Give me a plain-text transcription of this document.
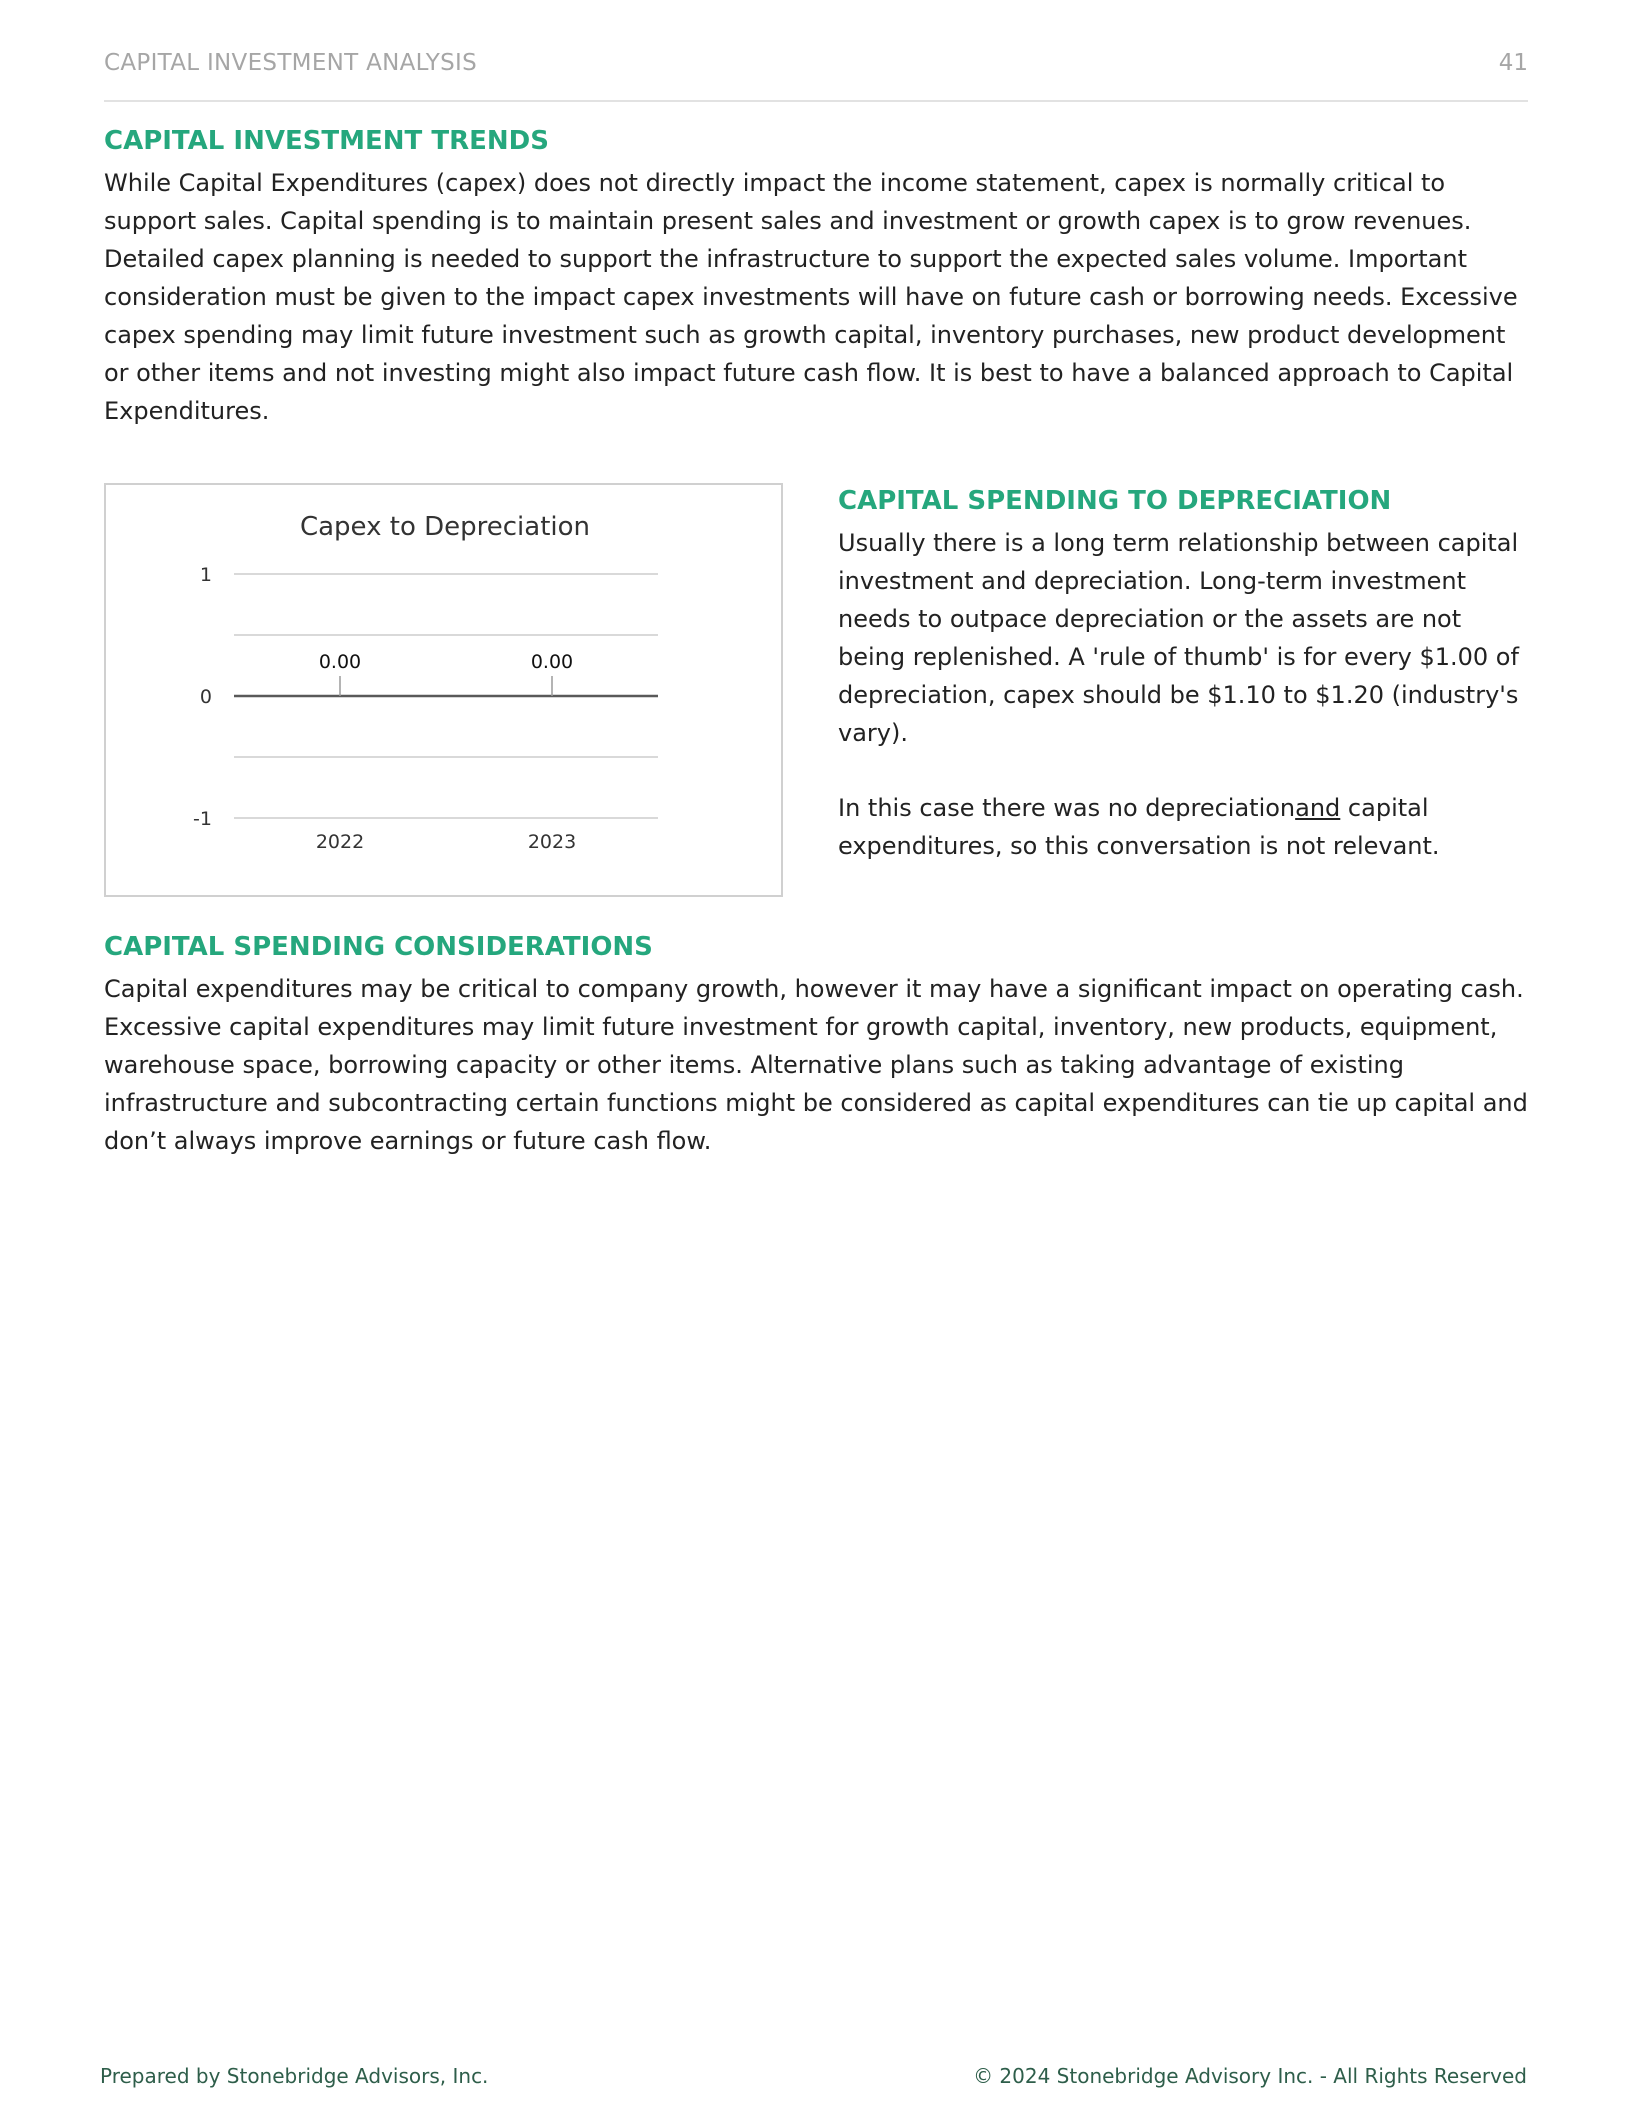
CAPITAL INVESTMENT ANALYSIS	41
CAPITAL INVESTMENT TRENDS

While Capital Expenditures (capex) does not directly impact the income statement, capex is normally critical to support sales. Capital spending is to maintain present sales and investment or growth capex is to grow revenues. Detailed capex planning is needed to support the infrastructure to support the expected sales volume. Important consideration must be given to the impact capex investments will have on future cash or borrowing needs. Excessive capex spending may limit future investment such as growth capital, inventory purchases, new product development or other items and not investing might also impact future cash flow. It is best to have a balanced approach to Capital Expenditures.

Capex to Depreciation
1
0
-1
0.00
2022
0.00
2023
CAPITAL SPENDING TO DEPRECIATION

Usually there is a long term relationship between capital investment and depreciation. Long-term investment needs to outpace depreciation or the assets are not being replenished. A 'rule of thumb' is for every $1.00 of depreciation, capex should be $1.10 to $1.20 (industry's vary).

In this case there was no depreciationand capital expenditures, so this conversation is not relevant.

CAPITAL SPENDING CONSIDERATIONS

Capital expenditures may be critical to company growth, however it may have a significant impact on operating cash. Excessive capital expenditures may limit future investment for growth capital, inventory, new products, equipment, warehouse space, borrowing capacity or other items. Alternative plans such as taking advantage of existing infrastructure and subcontracting certain functions might be considered as capital expenditures can tie up capital and don’t always improve earnings or future cash flow.

Prepared by Stonebridge Advisors, Inc.	© 2024 Stonebridge Advisory Inc. - All Rights Reserved
